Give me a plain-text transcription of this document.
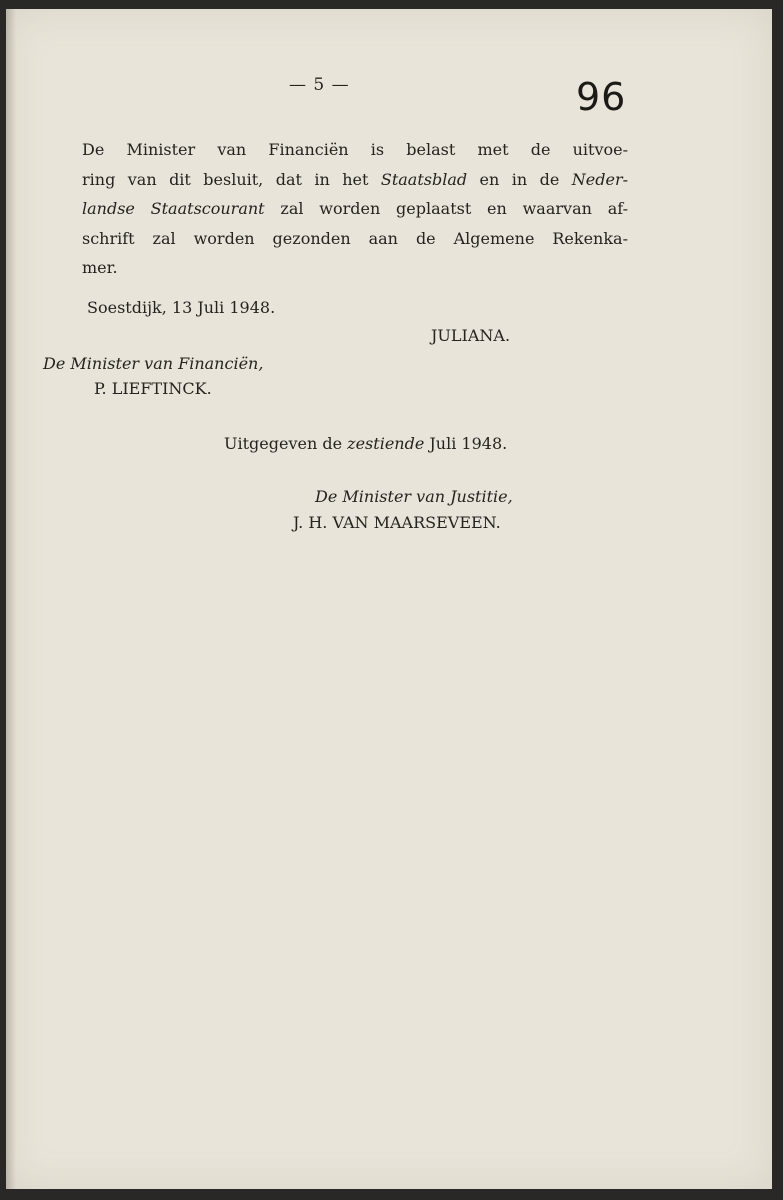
— 5 —	96
De Minister van Financiën is belast met de uitvoe-
ring van dit besluit, dat in het Staatsblad en in de Neder-
landse Staatscourant zal worden geplaatst en waarvan af-
schrift zal worden gezonden aan de Algemene Rekenka-
mer.
Soestdijk, 13 Juli 1948.
JULIANA.
De Minister van Financiën,
P. LIEFTINCK.
Uitgegeven de zestiende Juli 1948.
De Minister van Justitie,
J. H. VAN MAARSEVEEN.
